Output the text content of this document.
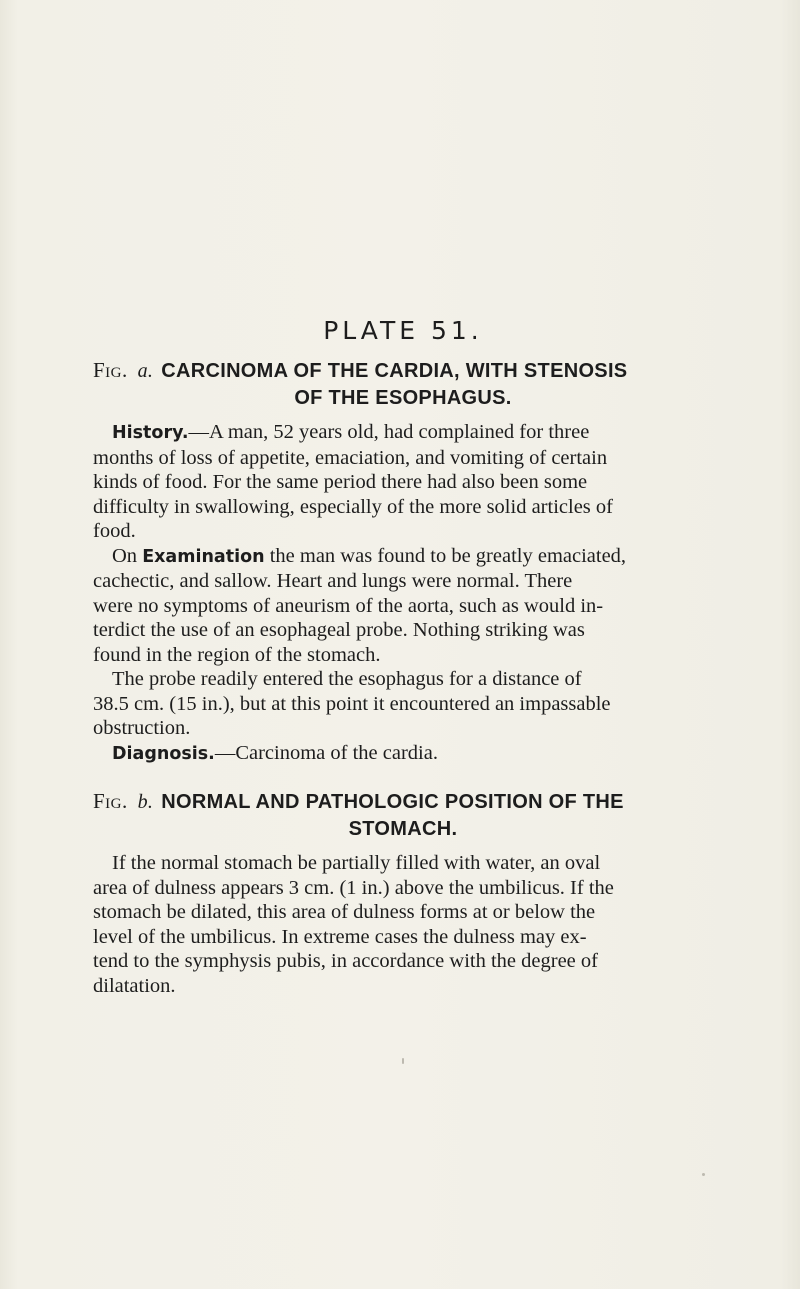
PLATE 51.
Fig. a. CARCINOMA OF THE CARDIA, WITH STENOSIS
OF THE ESOPHAGUS.

History.—A man, 52 years old, had complained for three
months of loss of appetite, emaciation, and vomiting of certain
kinds of food. For the same period there had also been some
difficulty in swallowing, especially of the more solid articles of
food.

On Examination the man was found to be greatly emaciated,
cachectic, and sallow. Heart and lungs were normal. There
were no symptoms of aneurism of the aorta, such as would in-
terdict the use of an esophageal probe. Nothing striking was
found in the region of the stomach.

The probe readily entered the esophagus for a distance of
38.5 cm. (15 in.), but at this point it encountered an impassable
obstruction.

Diagnosis.—Carcinoma of the cardia.

Fig. b. NORMAL AND PATHOLOGIC POSITION OF THE
STOMACH.

If the normal stomach be partially filled with water, an oval
area of dulness appears 3 cm. (1 in.) above the umbilicus. If the
stomach be dilated, this area of dulness forms at or below the
level of the umbilicus. In extreme cases the dulness may ex-
tend to the symphysis pubis, in accordance with the degree of
dilatation.
